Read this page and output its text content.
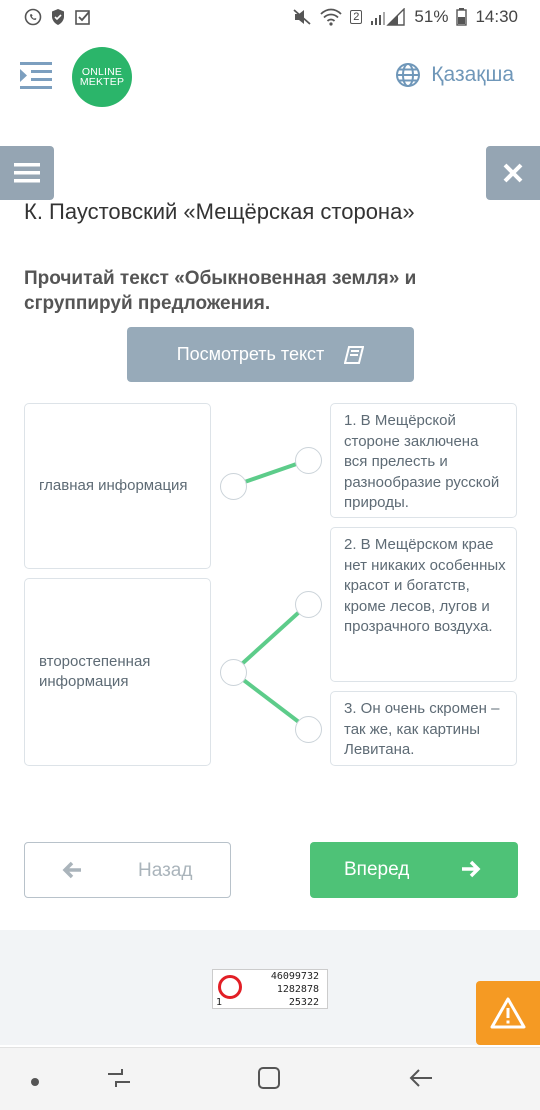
2	51% 14:30
ONLINE
MEKTEP	Қазақша
К. Паустовский «Мещёрская сторона»
Прочитай текст «Обыкновенная земля» и сгруппируй предложения.
Посмотреть текст
главная информация
второстепенная информация
1. В Мещёрской стороне заключена вся прелесть и разнообразие русской природы.
2. В Мещёрском крае нет никаких особенных красот и богатств, кроме лесов, лугов и прозрачного воздуха.
3. Он очень скромен – так же, как картины Левитана.
Назад	Вперед
46099732
1282878
25322
1
